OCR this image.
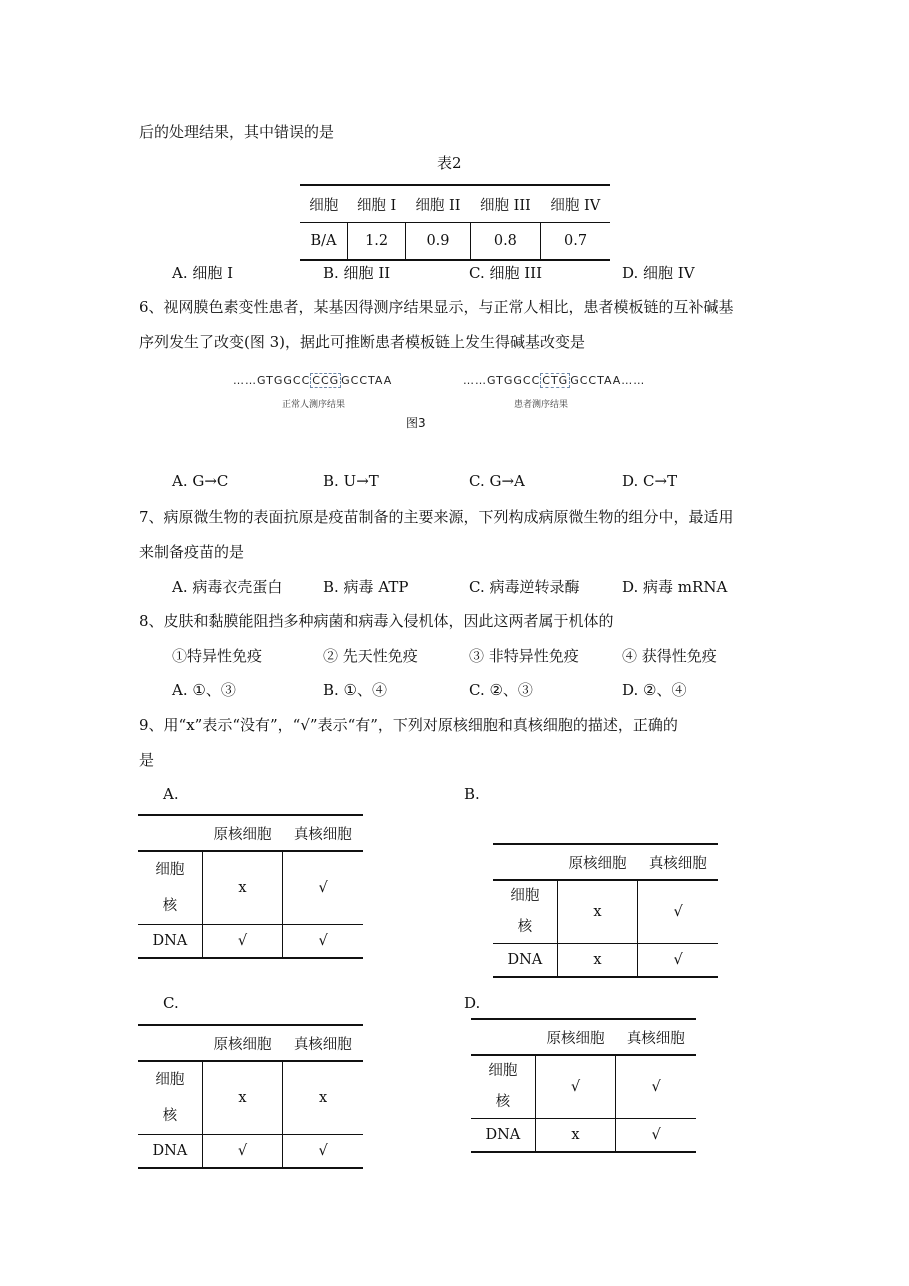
后的处理结果，其中错误的是
表2
细胞	细胞 I	细胞 II	细胞 III	细胞 IV
B/A	1.2	0.9	0.8	0.7
A. 细胞 I	B. 细胞 II	C. 细胞 III	D. 细胞 IV
6、视网膜色素变性患者，某基因得测序结果显示，与正常人相比，患者模板链的互补碱基
序列发生了改变(图 3)，据此可推断患者模板链上发生得碱基改变是
……GTGGCC CCG GCCTAA	……GTGGCC CTG GCCTAA……
正常人测序结果	患者测序结果
图3
A. G→C	B. U→T	C. G→A	D. C→T
7、病原微生物的表面抗原是疫苗制备的主要来源，下列构成病原微生物的组分中，最适用
来制备疫苗的是
A. 病毒衣壳蛋白	B. 病毒 ATP	C. 病毒逆转录酶	D. 病毒 mRNA
8、皮肤和黏膜能阻挡多种病菌和病毒入侵机体，因此这两者属于机体的
①特异性免疫	② 先天性免疫	③ 非特异性免疫	④ 获得性免疫
A. ①、③	B. ①、④	C. ②、③	D. ②、④
9、用“x”表示“没有”，“√”表示“有”，下列对原核细胞和真核细胞的描述，正确的
是
A.
	原核细胞	真核细胞
细胞
核	x	√
DNA	√	√
B.
	原核细胞	真核细胞
细胞
核	x	√
DNA	x	√
C.
	原核细胞	真核细胞
细胞
核	x	x
DNA	√	√
D.
	原核细胞	真核细胞
细胞
核	√	√
DNA	x	√
